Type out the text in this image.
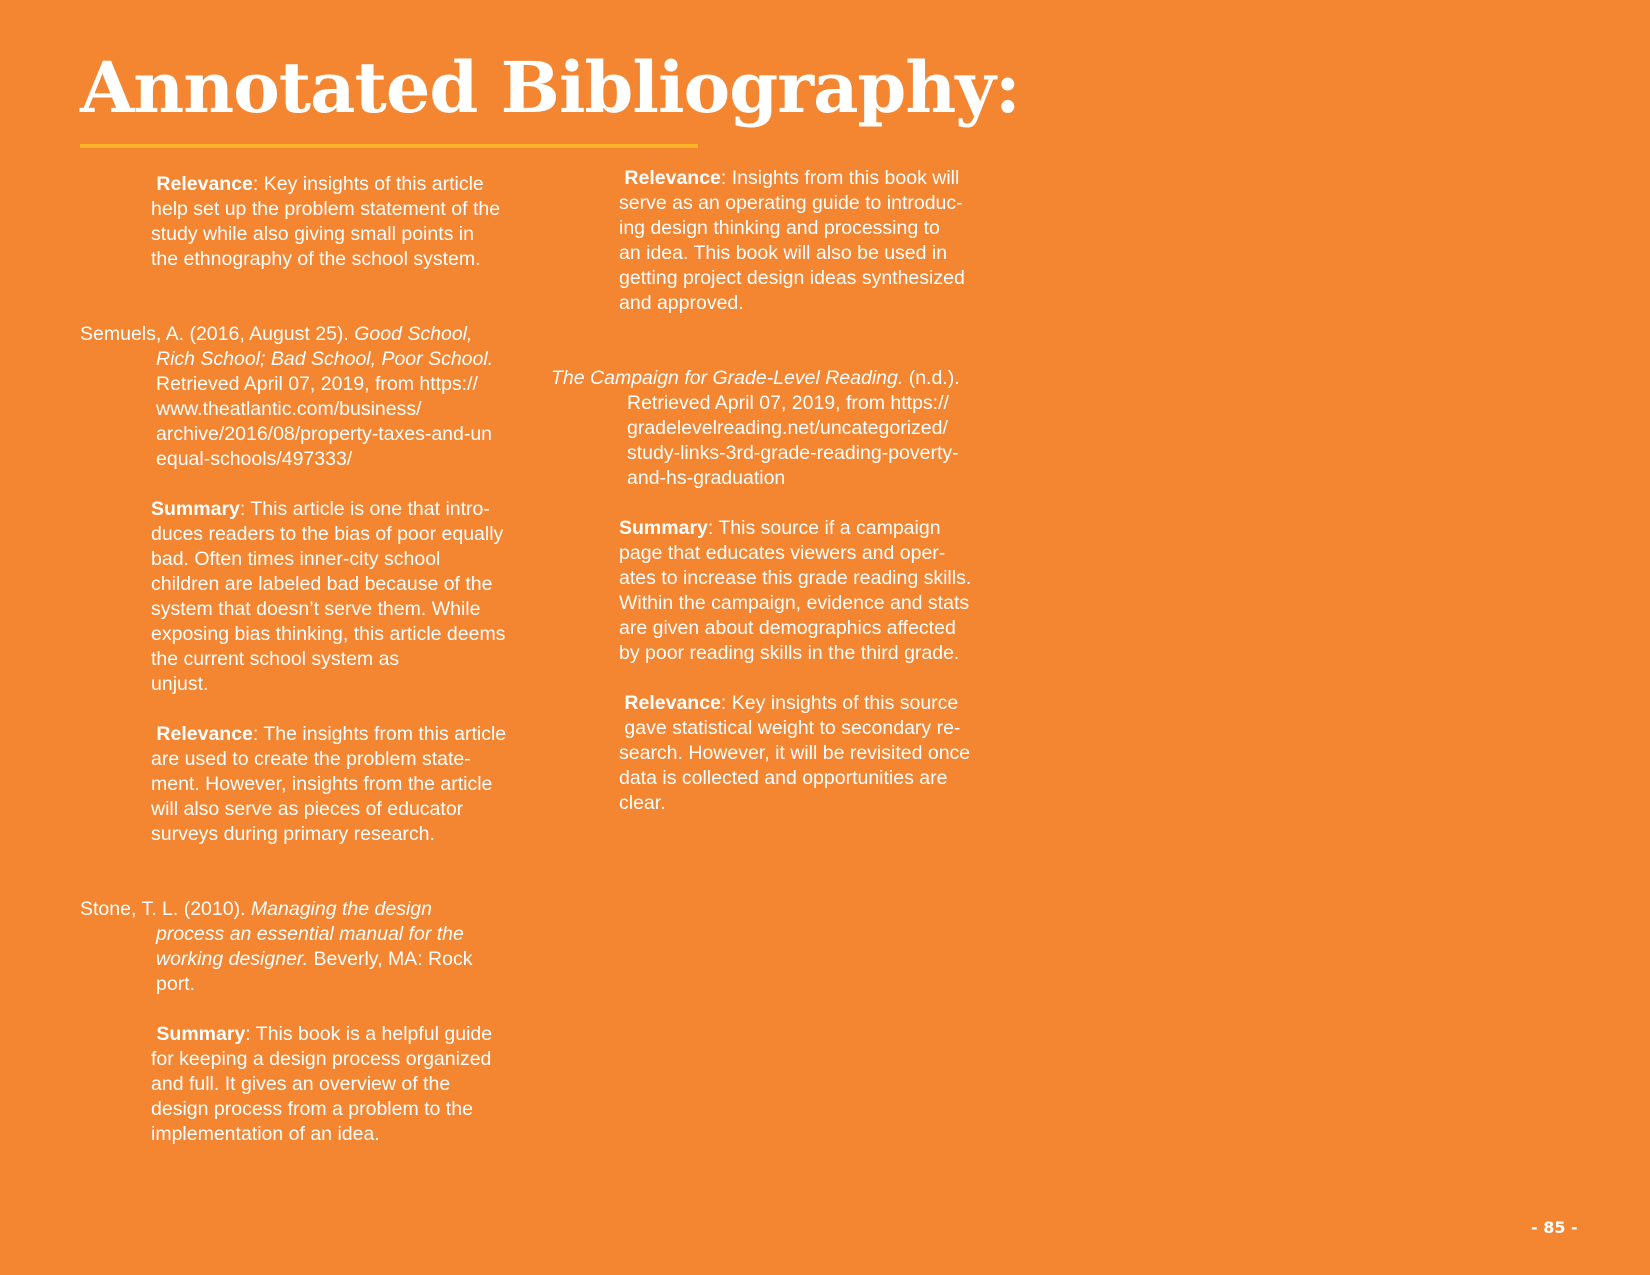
Annotated Bibliography:
Relevance: Key insights of this article
help set up the problem statement of the
study while also giving small points in
the ethnography of the school system.
Semuels, A. (2016, August 25). Good School,
Rich School; Bad School, Poor School.
Retrieved April 07, 2019, from https://
www.theatlantic.com/business/
archive/2016/08/property-taxes-and-un
equal-schools/497333/
Summary: This article is one that intro-
duces readers to the bias of poor equally
bad. Often times inner-city school
children are labeled bad because of the
system that doesn’t serve them. While
exposing bias thinking, this article deems
the current school system as
unjust.
Relevance: The insights from this article
are used to create the problem state-
ment. However, insights from the article
will also serve as pieces of educator
surveys during primary research.
Stone, T. L. (2010). Managing the design
process an essential manual for the
working designer. Beverly, MA: Rock
port.
Summary: This book is a helpful guide
for keeping a design process organized
and full. It gives an overview of the
design process from a problem to the
implementation of an idea.
Relevance: Insights from this book will
serve as an operating guide to introduc-
ing design thinking and processing to
an idea. This book will also be used in
getting project design ideas synthesized
and approved.
The Campaign for Grade-Level Reading. (n.d.).
Retrieved April 07, 2019, from https://
gradelevelreading.net/uncategorized/
study-links-3rd-grade-reading-poverty-
and-hs-graduation
Summary: This source if a campaign
page that educates viewers and oper-
ates to increase this grade reading skills.
Within the campaign, evidence and stats
are given about demographics affected
by poor reading skills in the third grade.
Relevance: Key insights of this source
gave statistical weight to secondary re-
search. However, it will be revisited once
data is collected and opportunities are
clear.
- 85 -
